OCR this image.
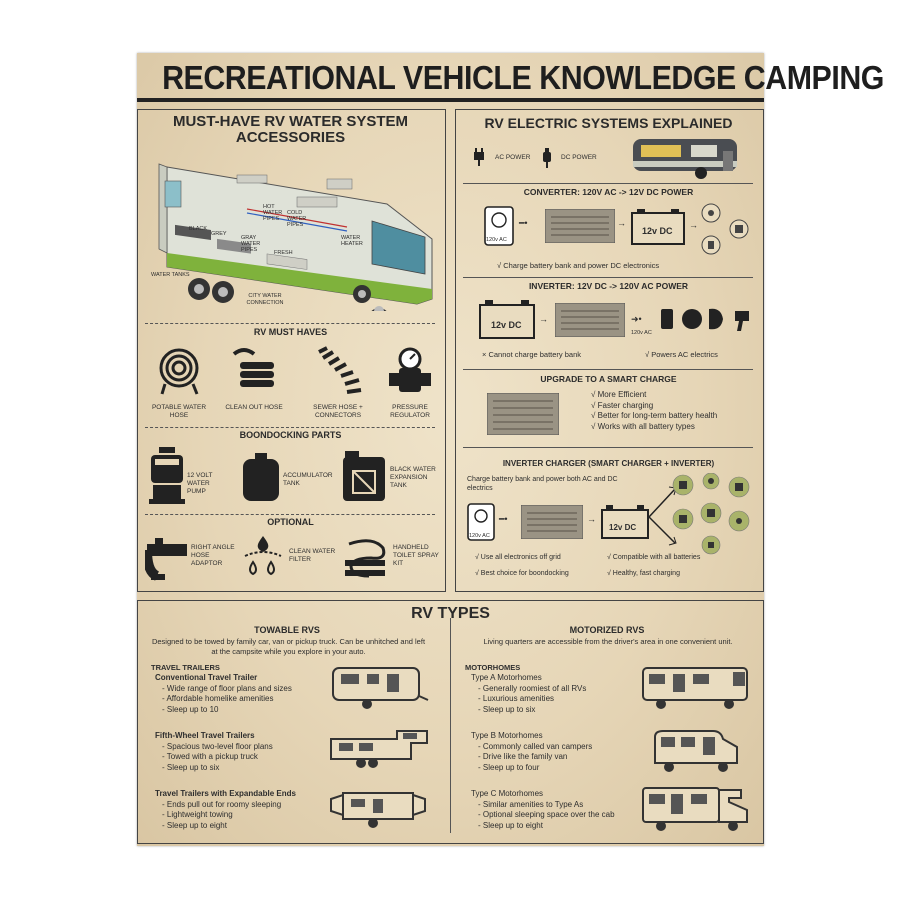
RECREATIONAL VEHICLE KNOWLEDGE CAMPING
MUST-HAVE RV WATER SYSTEM ACCESSORIES
BLACK
GREY
HOT WATER PIPES
COLD WATER PIPES
WATER HEATER
GRAY WATER PIPES	FRESH
WATER TANKS
CITY WATER CONNECTION
RV MUST HAVES
POTABLE WATER HOSE
CLEAN OUT HOSE	SEWER HOSE + CONNECTORS
PRESSURE REGULATOR
BOONDOCKING PARTS
12 VOLT WATER PUMP
ACCUMULATOR TANK
BLACK WATER EXPANSION TANK
OPTIONAL
RIGHT ANGLE HOSE ADAPTOR
CLEAN WATER FILTER
HANDHELD TOILET SPRAY KIT
RV ELECTRIC SYSTEMS EXPLAINED
AC POWER	DC POWER
CONVERTER: 120V AC -> 12V DC POWER
120v AC
━•	→
12v DC
→
√ Charge battery bank and power DC electronics
INVERTER: 12V DC -> 120V AC POWER
12v DC
→	➜•
120v AC
× Cannot charge battery bank	√ Powers AC electrics
UPGRADE TO A SMART CHARGE
√ More Efficient
√ Faster charging
√ Better for long-term battery health
√ Works with all battery types
INVERTER CHARGER (SMART CHARGER + INVERTER)
Charge battery bank and power both AC and DC electrics
120v AC
━•	→
12v DC
√ Use all electronics off grid	√ Compatible with all batteries
√ Best choice for boondocking	√ Healthy, fast charging
RV TYPES
TOWABLE RVS
Designed to be towed by family car, van or pickup truck. Can be unhitched and left at the campsite while you explore in your auto.
TRAVEL TRAILERS
Conventional Travel Trailer
- Wide range of floor plans and sizes
- Affordable homelike amenities
- Sleep up to 10
Fifth-Wheel Travel Trailers
- Spacious two-level floor plans
- Towed with a pickup truck
- Sleep up to six
Travel Trailers with Expandable Ends
- Ends pull out for roomy sleeping
- Lightweight towing
- Sleep up to eight
MOTORIZED RVS
Living quarters are accessible from the driver's area in one convenient unit.
MOTORHOMES
Type A Motorhomes
- Generally roomiest of all RVs
- Luxurious amenities
- Sleep up to six
Type B Motorhomes
- Commonly called van campers
- Drive like the family van
- Sleep up to four
Type C Motorhomes
- Similar amenities to Type As
- Optional sleeping space over the cab
- Sleep up to eight
